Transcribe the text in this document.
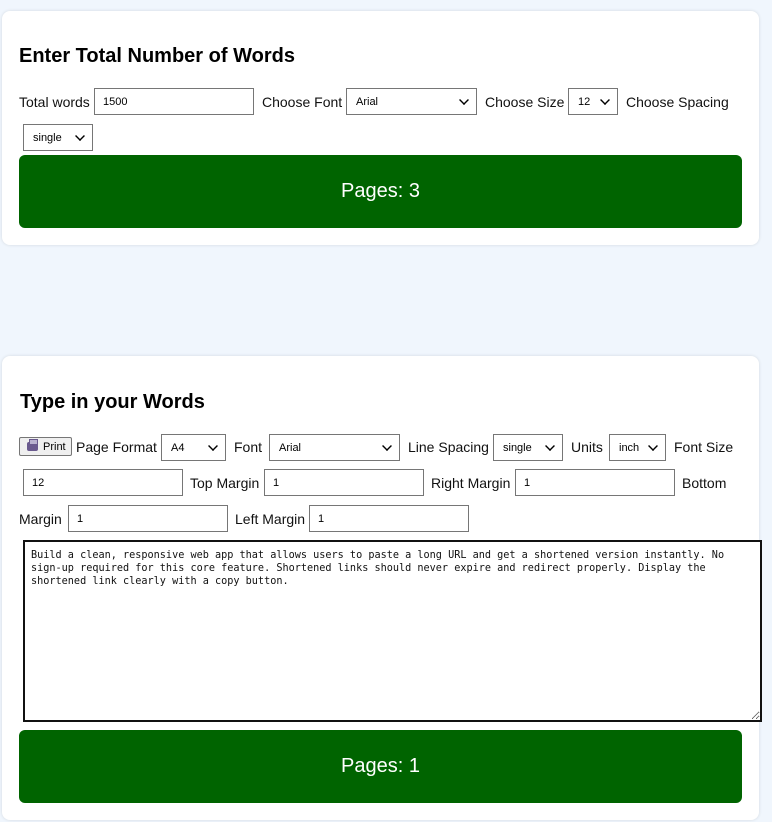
Enter Total Number of Words
Total words
1500	Choose Font Arial	Choose Size 12	Choose Spacing
single
Pages: 3
Type in your Words
Print Page Format A4	Font Arial	Line Spacing single	Units inch	Font Size
12
Top Margin
1	Right Margin
1	Bottom
Margin
1	Left Margin
1
Build a clean, responsive web app that allows users to paste a long URL and get a shortened version instantly. No sign-up required for this core feature. Shortened links should never expire and redirect properly. Display the shortened link clearly with a copy button.
Pages: 1
